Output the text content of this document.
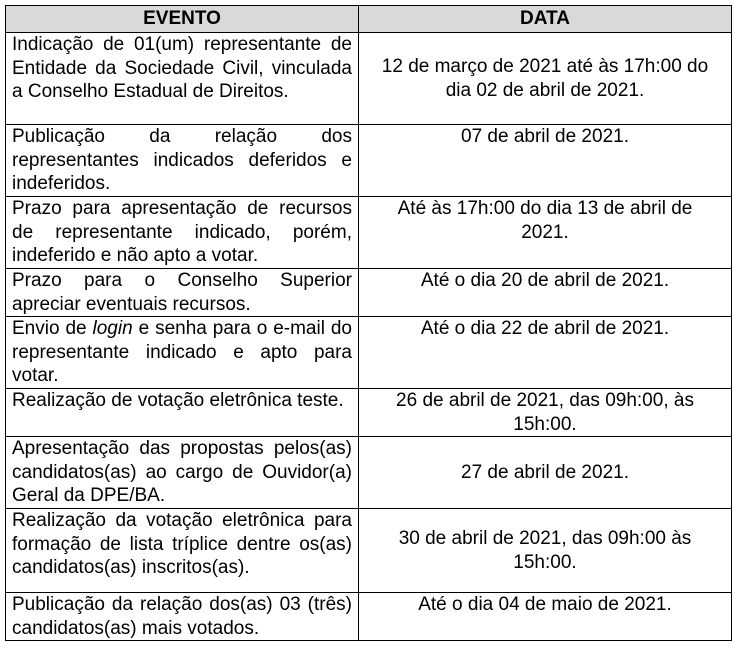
EVENTO	DATA
Indicação de 01(um) representante de Entidade da Sociedade Civil, vinculada a Conselho Estadual de Direitos.	12 de março de 2021 até às 17h:00 do dia 02 de abril de 2021.
Publicação da relação dos representantes indicados deferidos e indeferidos.	07 de abril de 2021.
Prazo para apresentação de recursos de representante indicado, porém, indeferido e não apto a votar.	Até às 17h:00 do dia 13 de abril de 2021.
Prazo para o Conselho Superior apreciar eventuais recursos.	Até o dia 20 de abril de 2021.
Envio de login e senha para o e-mail do representante indicado e apto para votar.	Até o dia 22 de abril de 2021.
Realização de votação eletrônica teste.	26 de abril de 2021, das 09h:00, às 15h:00.
Apresentação das propostas pelos(as) candidatos(as) ao cargo de Ouvidor(a) Geral da DPE/BA.	27 de abril de 2021.
Realização da votação eletrônica para formação de lista tríplice dentre os(as) candidatos(as) inscritos(as).	30 de abril de 2021, das 09h:00 às 15h:00.
Publicação da relação dos(as) 03 (três) candidatos(as) mais votados.	Até o dia 04 de maio de 2021.
